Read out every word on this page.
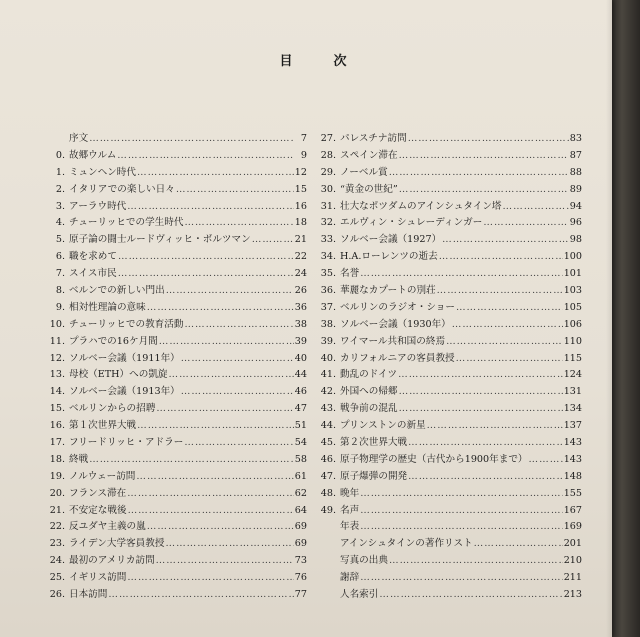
目　次
序文 ……………………………………………………………………………………………………………………	7
0 . 故郷ウルム ……………………………………………………………………………………………………………………	9
1 . ミュンヘン時代 ……………………………………………………………………………………………………………………	12
2 . イタリアでの楽しい日々 ……………………………………………………………………………………………………………………	15
3 . アーラウ時代 ……………………………………………………………………………………………………………………	16
4 . チューリッヒでの学生時代 ……………………………………………………………………………………………………………………	18
5 . 原子論の闘士ルードヴィッヒ・ボルツマン ……………………………………………………………………………………………………………………	21
6 . 職を求めて ……………………………………………………………………………………………………………………	22
7 . スイス市民 ……………………………………………………………………………………………………………………	24
8 . ベルンでの新しい門出 ……………………………………………………………………………………………………………………	26
9 . 相対性理論の意味 ……………………………………………………………………………………………………………………	36
10 . チューリッヒでの教育活動 ……………………………………………………………………………………………………………………	38
11 . プラハでの16ケ月間 ……………………………………………………………………………………………………………………	39
12 . ソルベー会議（1911年） ……………………………………………………………………………………………………………………	40
13 . 母校（ETH）への凱旋 ……………………………………………………………………………………………………………………	44
14 . ソルベー会議（1913年） ……………………………………………………………………………………………………………………	46
15 . ベルリンからの招聘 ……………………………………………………………………………………………………………………	47
16 . 第１次世界大戦 ……………………………………………………………………………………………………………………	51
17 . フリードリッヒ・アドラー ……………………………………………………………………………………………………………………	54
18 . 終戦 ……………………………………………………………………………………………………………………	58
19 . ノルウェー訪問 ……………………………………………………………………………………………………………………	61
20 . フランス滞在 ……………………………………………………………………………………………………………………	62
21 . 不安定な戦後 ……………………………………………………………………………………………………………………	64
22 . 反ユダヤ主義の嵐 ……………………………………………………………………………………………………………………	69
23 . ライデン大学客員教授 ……………………………………………………………………………………………………………………	69
24 . 最初のアメリカ訪問 ……………………………………………………………………………………………………………………	73
25 . イギリス訪問 ……………………………………………………………………………………………………………………	76
26 . 日本訪問 ……………………………………………………………………………………………………………………	77
27 . パレスチナ訪問 ……………………………………………………………………………………………………………………	83
28 . スペイン滞在 ……………………………………………………………………………………………………………………	87
29 . ノーベル賞 ……………………………………………………………………………………………………………………	88
30 . “黄金の世紀” ……………………………………………………………………………………………………………………	89
31 . 壮大なポツダムのアインシュタイン塔 ……………………………………………………………………………………………………………………	94
32 . エルヴィン・シュレーディンガー ……………………………………………………………………………………………………………………	96
33 . ソルベー会議（1927） ……………………………………………………………………………………………………………………	98
34 . H.A.ローレンツの逝去 ……………………………………………………………………………………………………………………	100
35 . 名誉 ……………………………………………………………………………………………………………………	101
36 . 華麗なカプートの別荘 ……………………………………………………………………………………………………………………	103
37 . ベルリンのラジオ・ショー ……………………………………………………………………………………………………………………	105
38 . ソルベー会議（1930年） ……………………………………………………………………………………………………………………	106
39 . ワイマール共和国の終焉 ……………………………………………………………………………………………………………………	110
40 . カリフォルニアの客員教授 ……………………………………………………………………………………………………………………	115
41 . 動乱のドイツ ……………………………………………………………………………………………………………………	124
42 . 外国への帰郷 ……………………………………………………………………………………………………………………	131
43 . 戦争前の混乱 ……………………………………………………………………………………………………………………	134
44 . プリンストンの新星 ……………………………………………………………………………………………………………………	137
45 . 第２次世界大戦 ……………………………………………………………………………………………………………………	143
46 . 原子物理学の歴史（古代から1900年まで） ……………………………………………………………………………………………………………………	143
47 . 原子爆弾の開発 ……………………………………………………………………………………………………………………	148
48 . 晩年 ……………………………………………………………………………………………………………………	155
49 . 名声 ……………………………………………………………………………………………………………………	167
年表 ……………………………………………………………………………………………………………………	169
アインシュタインの著作リスト ……………………………………………………………………………………………………………………	201
写真の出典 ……………………………………………………………………………………………………………………	210
謝辞 ……………………………………………………………………………………………………………………	211
人名索引 ……………………………………………………………………………………………………………………	213
